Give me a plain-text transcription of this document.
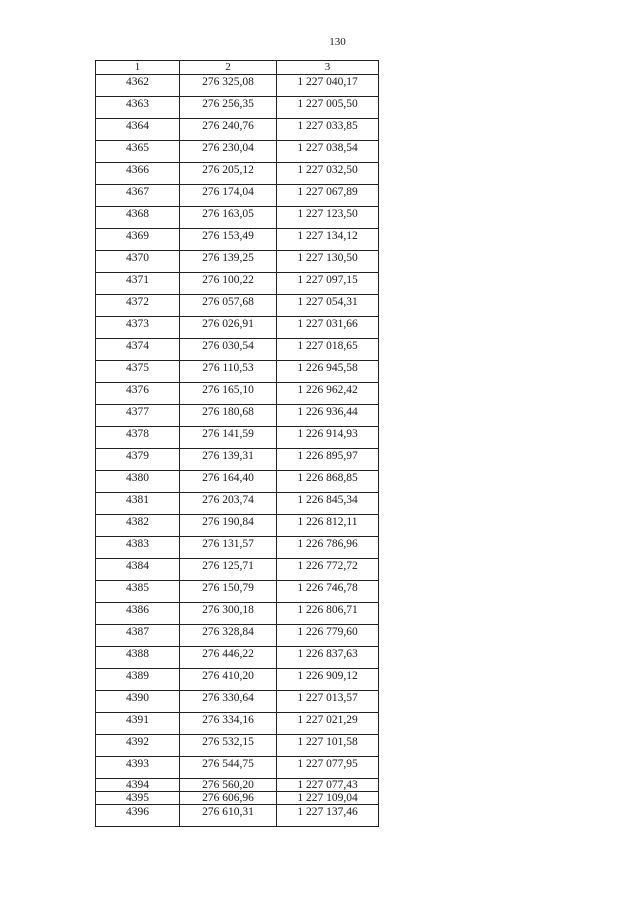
130
1	2	3
4362	276 325,08	1 227 040,17
4363	276 256,35	1 227 005,50
4364	276 240,76	1 227 033,85
4365	276 230,04	1 227 038,54
4366	276 205,12	1 227 032,50
4367	276 174,04	1 227 067,89
4368	276 163,05	1 227 123,50
4369	276 153,49	1 227 134,12
4370	276 139,25	1 227 130,50
4371	276 100,22	1 227 097,15
4372	276 057,68	1 227 054,31
4373	276 026,91	1 227 031,66
4374	276 030,54	1 227 018,65
4375	276 110,53	1 226 945,58
4376	276 165,10	1 226 962,42
4377	276 180,68	1 226 936,44
4378	276 141,59	1 226 914,93
4379	276 139,31	1 226 895,97
4380	276 164,40	1 226 868,85
4381	276 203,74	1 226 845,34
4382	276 190,84	1 226 812,11
4383	276 131,57	1 226 786,96
4384	276 125,71	1 226 772,72
4385	276 150,79	1 226 746,78
4386	276 300,18	1 226 806,71
4387	276 328,84	1 226 779,60
4388	276 446,22	1 226 837,63
4389	276 410,20	1 226 909,12
4390	276 330,64	1 227 013,57
4391	276 334,16	1 227 021,29
4392	276 532,15	1 227 101,58
4393	276 544,75	1 227 077,95
4394	276 560,20	1 227 077,43
4395	276 606,96	1 227 109,04
4396	276 610,31	1 227 137,46
